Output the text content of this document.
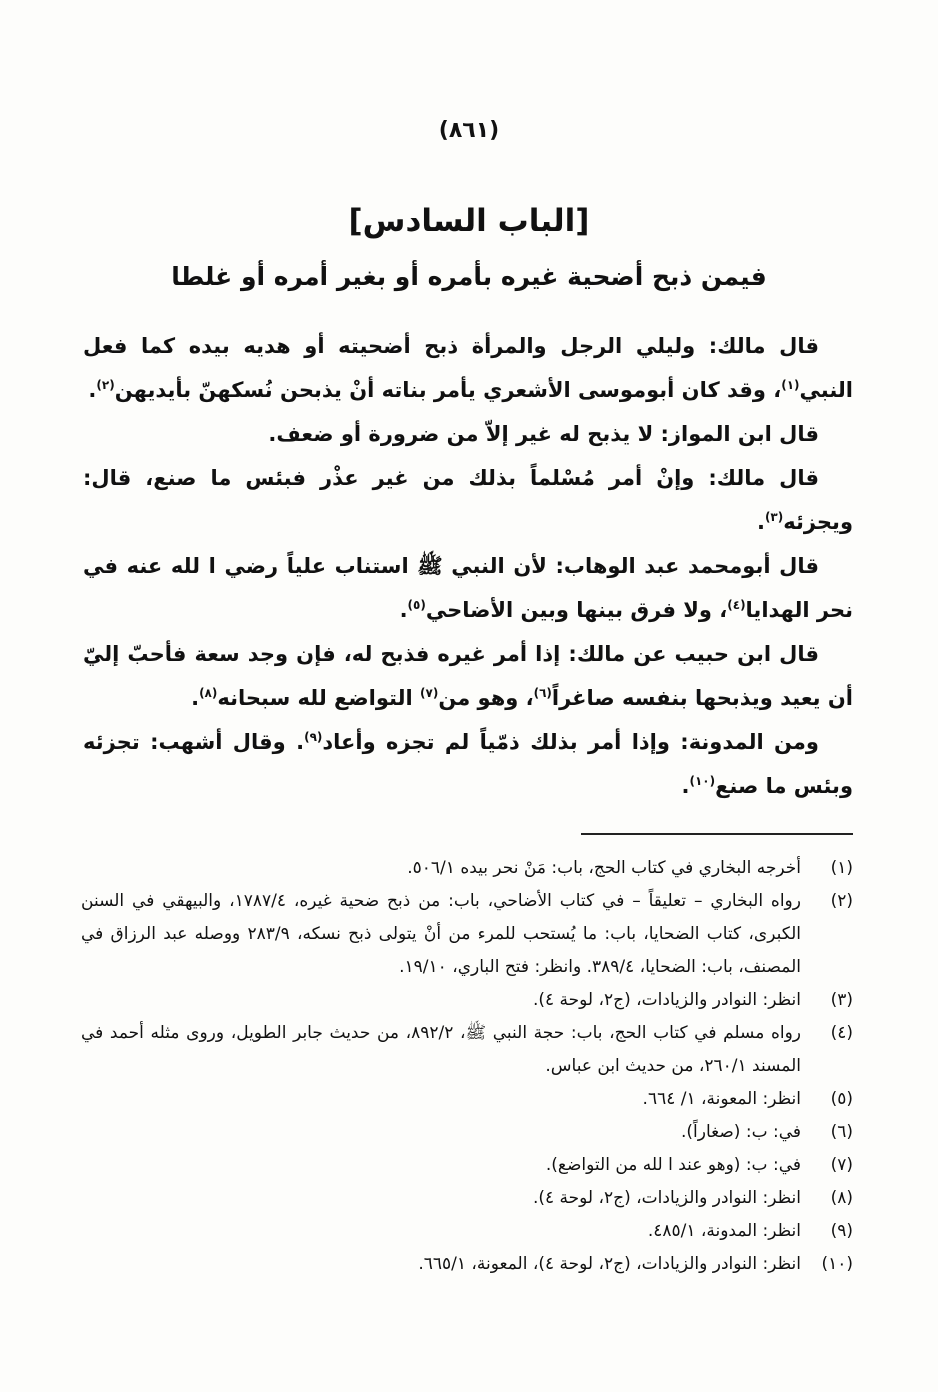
(٨٦١)
[الباب السادس]
فيمن ذبح أضحية غيره بأمره أو بغير أمره أو غلطا

قال مالك: وليلي الرجل والمرأة ذبح أضحيته أو هديه بيده كما فعل النبي$^{(١)}$، وقد كان أبوموسى الأشعري يأمر بناته أنْ يذبحن نُسكهنّ بأيديهن$^{(٢)}$.

قال ابن المواز: لا يذبح له غير إلاّ من ضرورة أو ضعف.

قال مالك: وإنْ أمر مُسْلماً بذلك من غير عذْر فبئس ما صنع، قال: ويجزئه$^{(٣)}$.

قال أبومحمد عبد الوهاب: لأن النبي ﷺ استناب علياً رضي ا لله عنه في نحر الهدايا$^{(٤)}$، ولا فرق بينها وبين الأضاحي$^{(٥)}$.

قال ابن حبيب عن مالك: إذا أمر غيره فذبح له، فإن وجد سعة فأحبّ إليّ أن يعيد ويذبحها بنفسه صاغراً$^{(٦)}$، وهو من$^{(٧)}$ التواضع لله سبحانه$^{(٨)}$.

ومن المدونة: وإذا أمر بذلك ذمّياً لم تجزه وأعاد$^{(٩)}$. وقال أشهب: تجزئه وبئس ما صنع$^{(١٠)}$.

(١)
أخرجه البخاري في كتاب الحج، باب: مَنْ نحر بيده ٥٠٦/١.
(٢)
رواه البخاري – تعليقاً – في كتاب الأضاحي، باب: من ذبح ضحية غيره، ١٧٨٧/٤، والبيهقي في السنن الكبرى، كتاب الضحايا، باب: ما يُستحب للمرء من أنْ يتولى ذبح نسكه، ٢٨٣/٩ ووصله عبد الرزاق في المصنف، باب: الضحايا، ٣٨٩/٤. وانظر: فتح الباري، ١٩/١٠.
(٣)
انظر: النوادر والزيادات، (ج٢، لوحة ٤).
(٤)
رواه مسلم في كتاب الحج، باب: حجة النبي ﷺ، ٨٩٢/٢، من حديث جابر الطويل، وروى مثله أحمد في المسند ٢٦٠/١، من حديث ابن عباس.
(٥)
انظر: المعونة، ١/ ٦٦٤.
(٦)
في: ب: (صغاراً).
(٧)
في: ب: (وهو عند ا لله من التواضع).
(٨)
انظر: النوادر والزيادات، (ج٢، لوحة ٤).
(٩)
انظر: المدونة، ٤٨٥/١.
(١٠)
انظر: النوادر والزيادات، (ج٢، لوحة ٤)، المعونة، ٦٦٥/١.
